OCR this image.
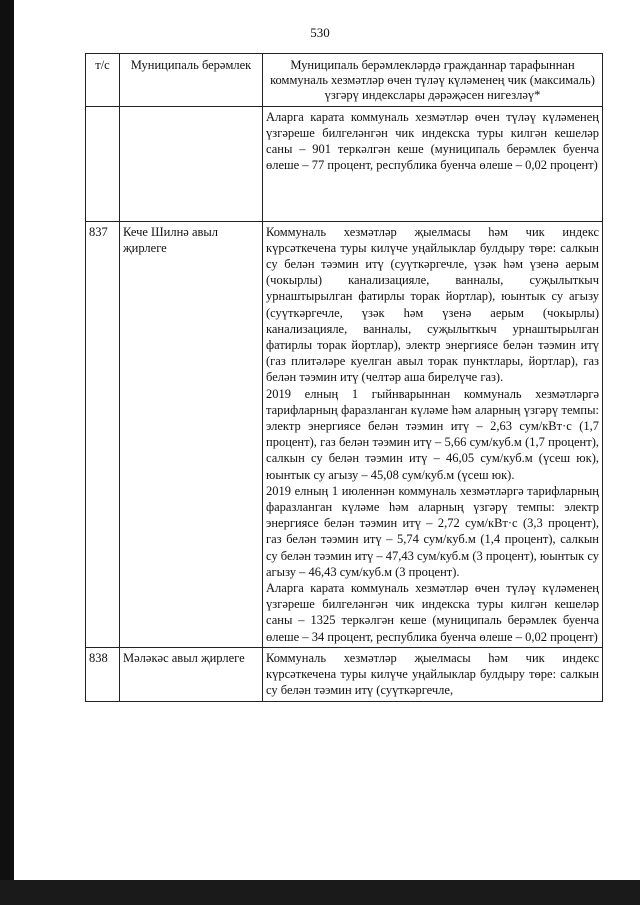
530
т/с	Муниципаль берәмлек	Муниципаль берәмлекләрдә гражданнар тарафыннан коммуналь хезмәтләр өчен түләү күләменең чик (максималь) үзгәрү индекслары дәрәҗәсен нигезләү*

		Аларга карата коммуналь хезмәтләр өчен түләү күләменең үзгәреше билгеләнгән чик индекска туры килгән кешеләр саны – 901 теркәлгән кеше (муниципаль берәмлек буенча өлеше – 77 процент, республика буенча өлеше – 0,02 процент)

837	Кече Шилнә авыл җирлеге	Коммуналь хезмәтләр җыелмасы һәм чик индекс күрсәткечена туры килүче уңайлыклар булдыру төре: салкын су белән тәэмин итү (суүткәргечле, үзәк һәм үзенә аерым (чокырлы) канализацияле, ванналы, суҗылыткыч урнаштырылган фатирлы торак йортлар), юынтык су агызу (суүткәргечле, үзәк һәм үзенә аерым (чокырлы) канализацияле, ванналы, суҗылыткыч урнаштырылган фатирлы торак йортлар), электр энергиясе белән тәэмин итү (газ плитәләре куелган авыл торак пунктлары, йортлар), газ белән тәэмин итү (челтәр аша бирелүче газ).
2019 елның 1 гыйнварыннан коммуналь хезмәтләргә тарифларның фаразланган күләме һәм аларның үзгәрү темпы: электр энергиясе белән тәэмин итү – 2,63 сум/кВт·с (1,7 процент), газ белән тәэмин итү – 5,66 сум/куб.м (1,7 процент), салкын су белән тәэмин итү – 46,05 сум/куб.м (үсеш юк), юынтык су агызу – 45,08 сум/куб.м (үсеш юк).
2019 елның 1 июленнән коммуналь хезмәтләргә тарифларның фаразланган күләме һәм аларның үзгәрү темпы: электр энергиясе белән тәэмин итү – 2,72 сум/кВт·с (3,3 процент), газ белән тәэмин итү – 5,74 сум/куб.м (1,4 процент), салкын су белән тәэмин итү – 47,43 сум/куб.м (3 процент), юынтык су агызу – 46,43 сум/куб.м (3 процент).
Аларга карата коммуналь хезмәтләр өчен түләү күләменең үзгәреше билгеләнгән чик индекска туры килгән кешеләр саны – 1325 теркәлгән кеше (муниципаль берәмлек буенча өлеше – 34 процент, республика буенча өлеше – 0,02 процент)

838	Мәләкәс авыл җирлеге	Коммуналь хезмәтләр җыелмасы һәм чик индекс күрсәткечена туры килүче уңайлыклар булдыру төре: салкын су белән тәэмин итү (суүткәргечле,
